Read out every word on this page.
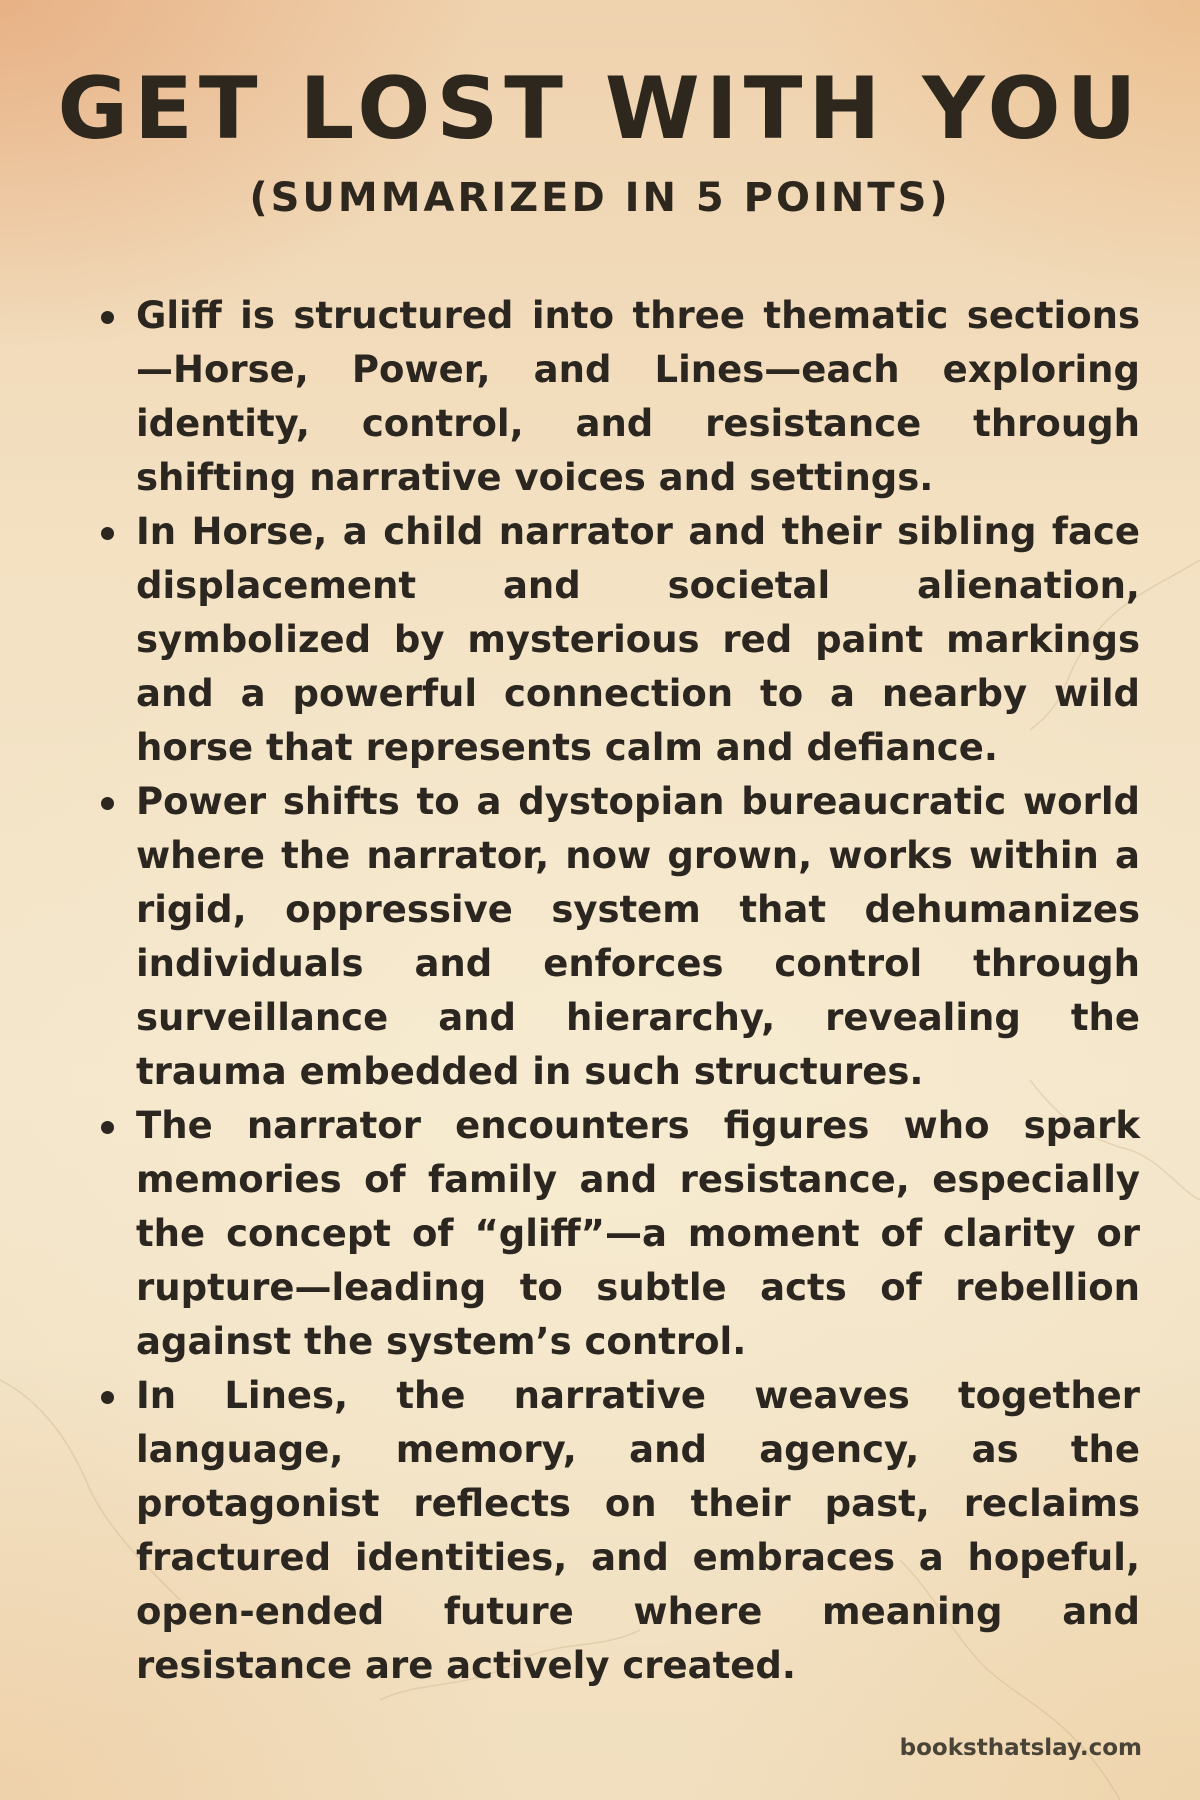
GET LOST WITH YOU
(SUMMARIZED IN 5 POINTS)
Gliff is structured into three thematic sections—Horse, Power, and Lines—each exploring identity, control, and resistance through shifting narrative voices and settings.
In Horse, a child narrator and their sibling face displacement and societal alienation, symbolized by mysterious red paint markings and a powerful connection to a nearby wild horse that represents calm and defiance.
Power shifts to a dystopian bureaucratic world where the narrator, now grown, works within a rigid, oppressive system that dehumanizes individuals and enforces control through surveillance and hierarchy, revealing the trauma embedded in such structures.
The narrator encounters figures who spark memories of family and resistance, especially the concept of “gliff”—a moment of clarity or rupture—leading to subtle acts of rebellion against the system’s control.
In Lines, the narrative weaves together language, memory, and agency, as the protagonist reflects on their past, reclaims fractured identities, and embraces a hopeful, open-ended future where meaning and resistance are actively created.
booksthatslay.com
